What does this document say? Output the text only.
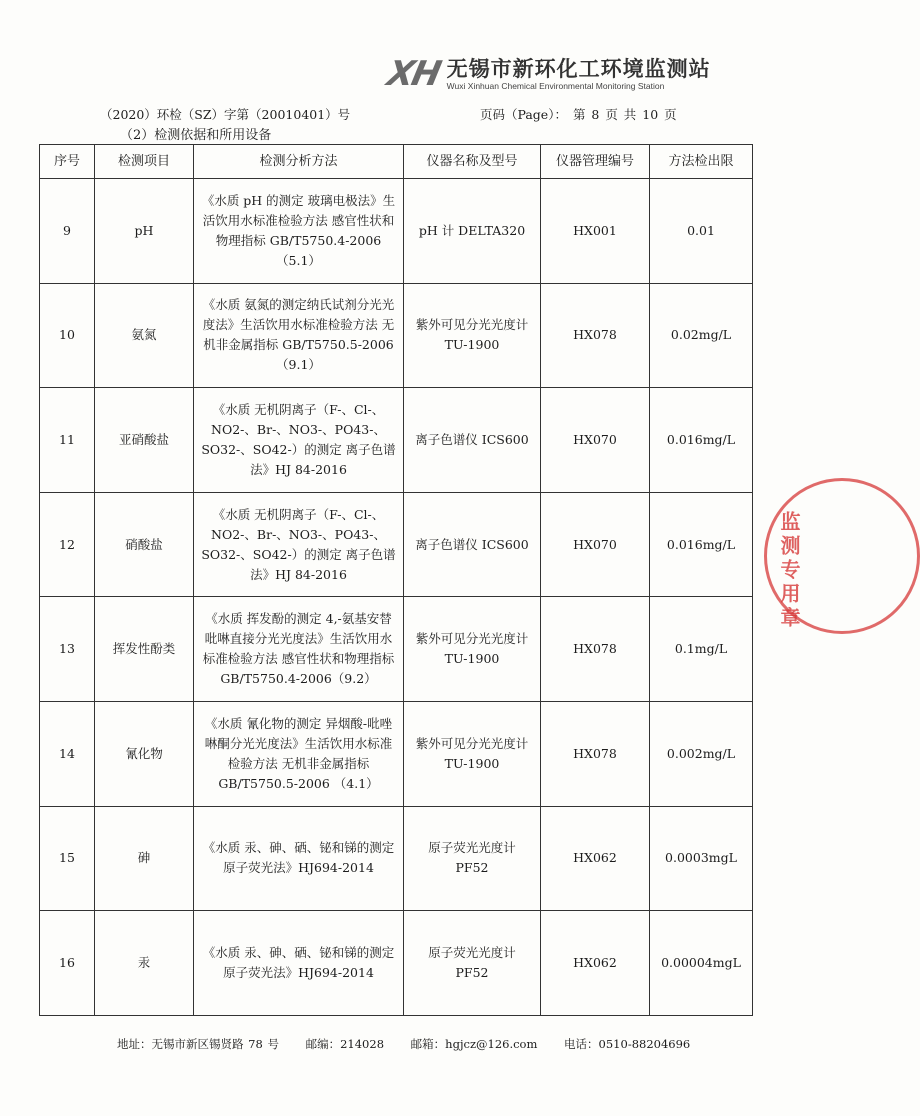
XH 无锡市新环化工环境监测站
Wuxi Xinhuan Chemical Environmental Monitoring Station
（2020）环检（SZ）字第（20010401）号	页码（Page）： 第 8 页 共 10 页
（2）检测依据和所用设备
序号	检测项目	检测分析方法	仪器名称及型号	仪器管理编号	方法检出限
9	pH	《水质 pH 的测定 玻璃电极法》生活饮用水标准检验方法 感官性状和物理指标 GB/T5750.4-2006 （5.1）	pH 计 DELTA320	HX001	0.01
10	氨氮	《水质 氨氮的测定纳氏试剂分光光度法》生活饮用水标准检验方法 无机非金属指标 GB/T5750.5-2006 （9.1）	紫外可见分光光度计 TU-1900	HX078	0.02mg/L
11	亚硝酸盐	《水质 无机阴离子（F-、Cl-、NO2-、Br-、NO3-、PO43-、SO32-、SO42-）的测定 离子色谱法》HJ 84-2016	离子色谱仪 ICS600	HX070	0.016mg/L
12	硝酸盐	《水质 无机阴离子（F-、Cl-、NO2-、Br-、NO3-、PO43-、SO32-、SO42-）的测定 离子色谱法》HJ 84-2016	离子色谱仪 ICS600	HX070	0.016mg/L
13	挥发性酚类	《水质 挥发酚的测定 4,-氨基安替吡啉直接分光光度法》生活饮用水标准检验方法 感官性状和物理指标 GB/T5750.4-2006（9.2）	紫外可见分光光度计 TU-1900	HX078	0.1mg/L
14	氰化物	《水质 氰化物的测定 异烟酸-吡唑啉酮分光光度法》生活饮用水标准检验方法 无机非金属指标 GB/T5750.5-2006 （4.1）	紫外可见分光光度计 TU-1900	HX078	0.002mg/L
15	砷	《水质 汞、砷、硒、铋和锑的测定 原子荧光法》HJ694-2014	原子荧光光度计 PF52	HX062	0.0003mgL
16	汞	《水质 汞、砷、硒、铋和锑的测定 原子荧光法》HJ694-2014	原子荧光光度计 PF52	HX062	0.00004mgL
地址：无锡市新区锡贤路 78 号 邮编：214028 邮箱：hgjcz@126.com 电话：0510-88204696
监测专用章
